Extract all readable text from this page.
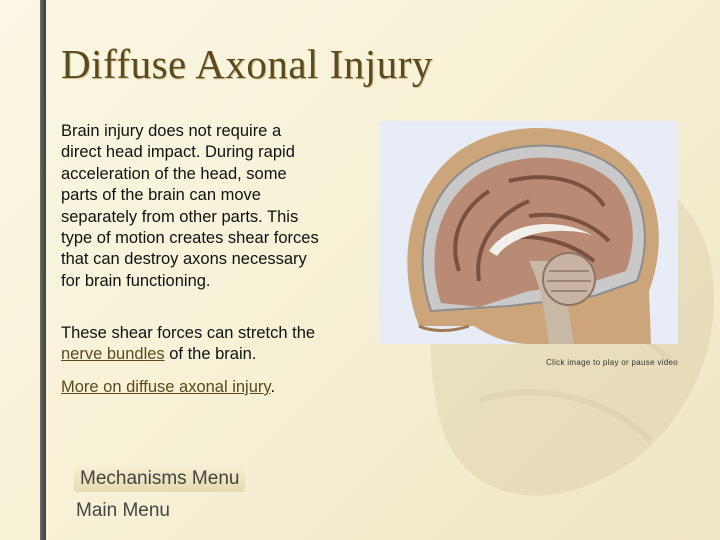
Diffuse Axonal Injury
Brain injury does not require a direct head impact. During rapid acceleration of the head, some parts of the brain can move separately from other parts. This type of motion creates shear forces that can destroy axons necessary for brain functioning.
These shear forces can stretch the nerve bundles of the brain.
More on diffuse axonal injury.
Click image to play or pause video
Mechanisms Menu
Main Menu
